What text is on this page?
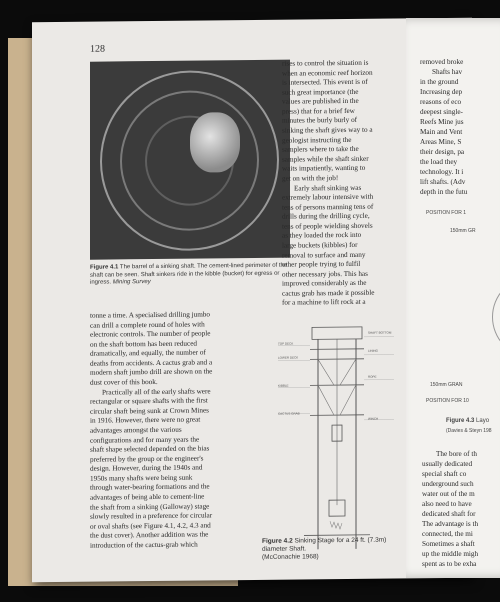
128
Figure 4.1 The barrel of a sinking shaft. The cement-lined perimeter of the shaft can be seen. Shaft sinkers ride in the kibble (bucket) for egress or ingress. Mining Survey

rises to control the situation is

when an economic reef horizon

is intersected. This event is of

such great importance (the

values are published in the

press) that for a brief few

minutes the burly burly of

sinking the shaft gives way to a

geologist instructing the

samplers where to take the

samples while the shaft sinker

waits impatiently, wanting to

get on with the job!

Early shaft sinking was

extremely labour intensive with

tens of persons manning tens of

drills during the drilling cycle,

tens of people wielding shovels

as they loaded the rock into

large buckets (kibbles) for

removal to surface and many

other people trying to fulfil

other necessary jobs. This has

improved considerably as the

cactus grab has made it possible

for a machine to lift rock at a

tonne a time. A specialised drilling jumbo

can drill a complete round of holes with

electronic controls. The number of people

on the shaft bottom has been reduced

dramatically, and equally, the number of

deaths from accidents. A cactus grab and a

modern shaft jumbo drill are shown on the

dust cover of this book.

Practically all of the early shafts were

rectangular or square shafts with the first

circular shaft being sunk at Crown Mines

in 1916. However, there were no great

advantages amongst the various

configurations and for many years the

shaft shape selected depended on the bias

preferred by the group or the engineer's

design. However, during the 1940s and

1950s many shafts were being sunk

through water-bearing formations and the

advantages of being able to cement-line

the shaft from a sinking (Galloway) stage

slowly resulted in a preference for circular

or oval shafts (see Figure 4.1, 4.2, 4.3 and

the dust cover). Another addition was the

introduction of the cactus-grab which

TOP DECK
LOWER DECK
KIBBLE
CACTUS GRAB
SHAFT BOTTOM
LINING
ROPE
WINCH
Figure 4.2 Sinking Stage for a 24 ft. (7.3m) diameter Shaft.
(McConachie 1968)
removed broke
Shafts hav
in the ground
Increasing dep
reasons of eco
deepest single-
Reefs Mine jus
Main and Vent
Areas Mine, S
their design, pa
the load they
technology. It i
lift shafts. (Adv
depth in the futu
POSITION FOR 1
150mm GR
150mm GRAN
POSITION FOR 10
Figure 4.3 Layo
(Davies & Steyn 198
The bore of th
usually dedicated
special shaft co
underground such
water out of the m
also need to have
dedicated shaft for
The advantage is th
connected, the mi
Sometimes a shaft
up the middle migh
spent as to be exha
